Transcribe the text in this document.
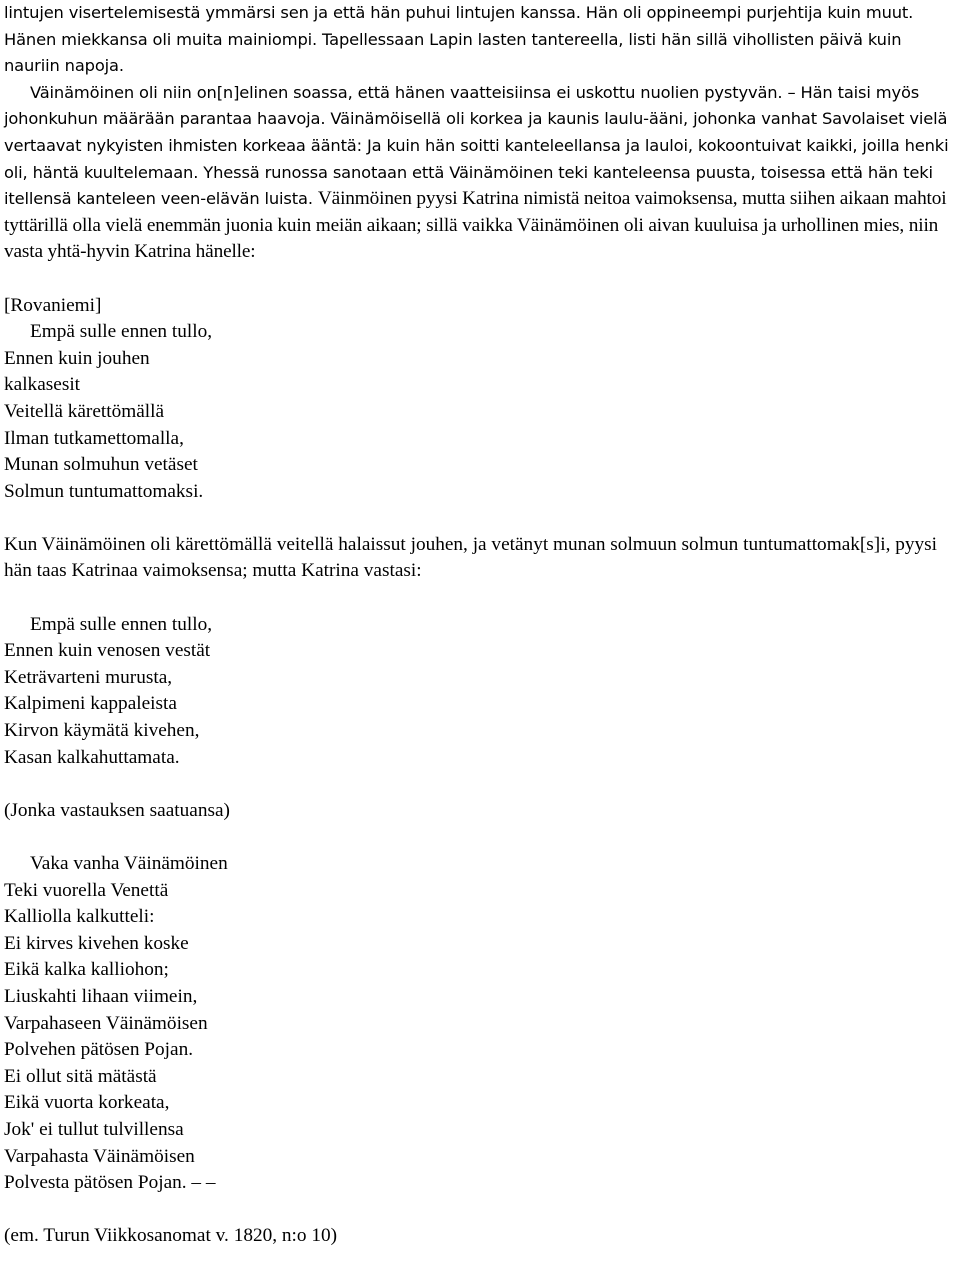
lintujen visertelemisestä ymmärsi sen ja että hän puhui lintujen kanssa. Hän oli oppineempi purjehtija kuin muut. Hänen miekkansa oli muita mainiompi. Tapellessaan Lapin lasten tantereella, listi hän sillä vihollisten päivä kuin nauriin napoja.
Väinämöinen oli niin on[n]elinen soassa, että hänen vaatteisiinsa ei uskottu nuolien pystyvän. – Hän taisi myös johonkuhun määrään parantaa haavoja. Väinämöisellä oli korkea ja kaunis laulu-ääni, johonka vanhat Savolaiset vielä vertaavat nykyisten ihmisten korkeaa ääntä: Ja kuin hän soitti kanteleellansa ja lauloi, kokoontuivat kaikki, joilla henki oli, häntä kuultelemaan. Yhessä runossa sanotaan että Väinämöinen teki kanteleensa puusta, toisessa että hän teki itellensä kanteleen veen-elävän luista. Väinmöinen pyysi Katrina nimistä neitoa vaimoksensa, mutta siihen aikaan mahtoi tyttärillä olla vielä enemmän juonia kuin meiän aikaan; sillä vaikka Väinämöinen oli aivan kuuluisa ja urhollinen mies, niin vasta yhtä-hyvin Katrina hänelle:

[Rovaniemi]
Empä sulle ennen tullo,
Ennen kuin jouhen
kalkasesit
Veitellä kärettömällä
Ilman tutkamettomalla,
Munan solmuhun vetäset
Solmun tuntumattomaksi.

Kun Väinämöinen oli kärettömällä veitellä halaissut jouhen, ja vetänyt munan solmuun solmun tuntumattomak[s]i, pyysi hän taas Katrinaa vaimoksensa; mutta Katrina vastasi:

Empä sulle ennen tullo,
Ennen kuin venosen vestät
Keträvarteni murusta,
Kalpimeni kappaleista
Kirvon käymätä kivehen,
Kasan kalkahuttamata.

(Jonka vastauksen saatuansa)

Vaka vanha Väinämöinen
Teki vuorella Venettä
Kalliolla kalkutteli:
Ei kirves kivehen koske
Eikä kalka kalliohon;
Liuskahti lihaan viimein,
Varpahaseen Väinämöisen
Polvehen pätösen Pojan.
Ei ollut sitä mätästä
Eikä vuorta korkeata,
Jok' ei tullut tulvillensa
Varpahasta Väinämöisen
Polvesta pätösen Pojan. – –

(em. Turun Viikkosanomat v. 1820, n:o 10)
